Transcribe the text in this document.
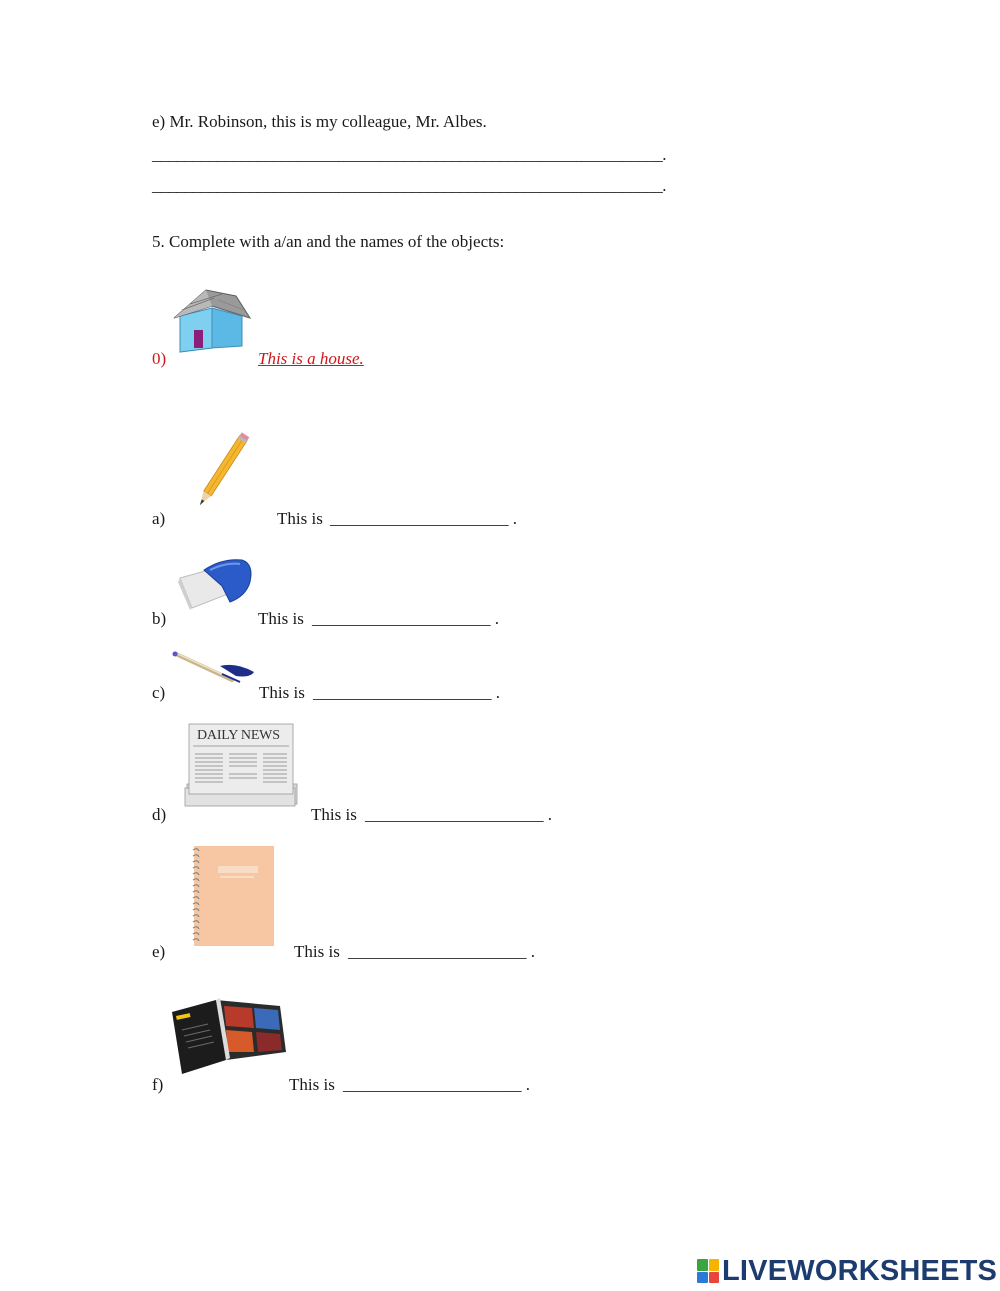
e) Mr. Robinson, this is my colleague, Mr. Albes.
_______________________________________________________________.
_______________________________________________________________.
5. Complete with a/an and the names of the objects:
0)	This is a house.
a)	This is _____________________ .
b)	This is _____________________ .
c)	This is _____________________ .
DAILY NEWS
d)	This is _____________________ .
e)	This is _____________________ .
f)	This is _____________________ .
LIVEWORKSHEETS
